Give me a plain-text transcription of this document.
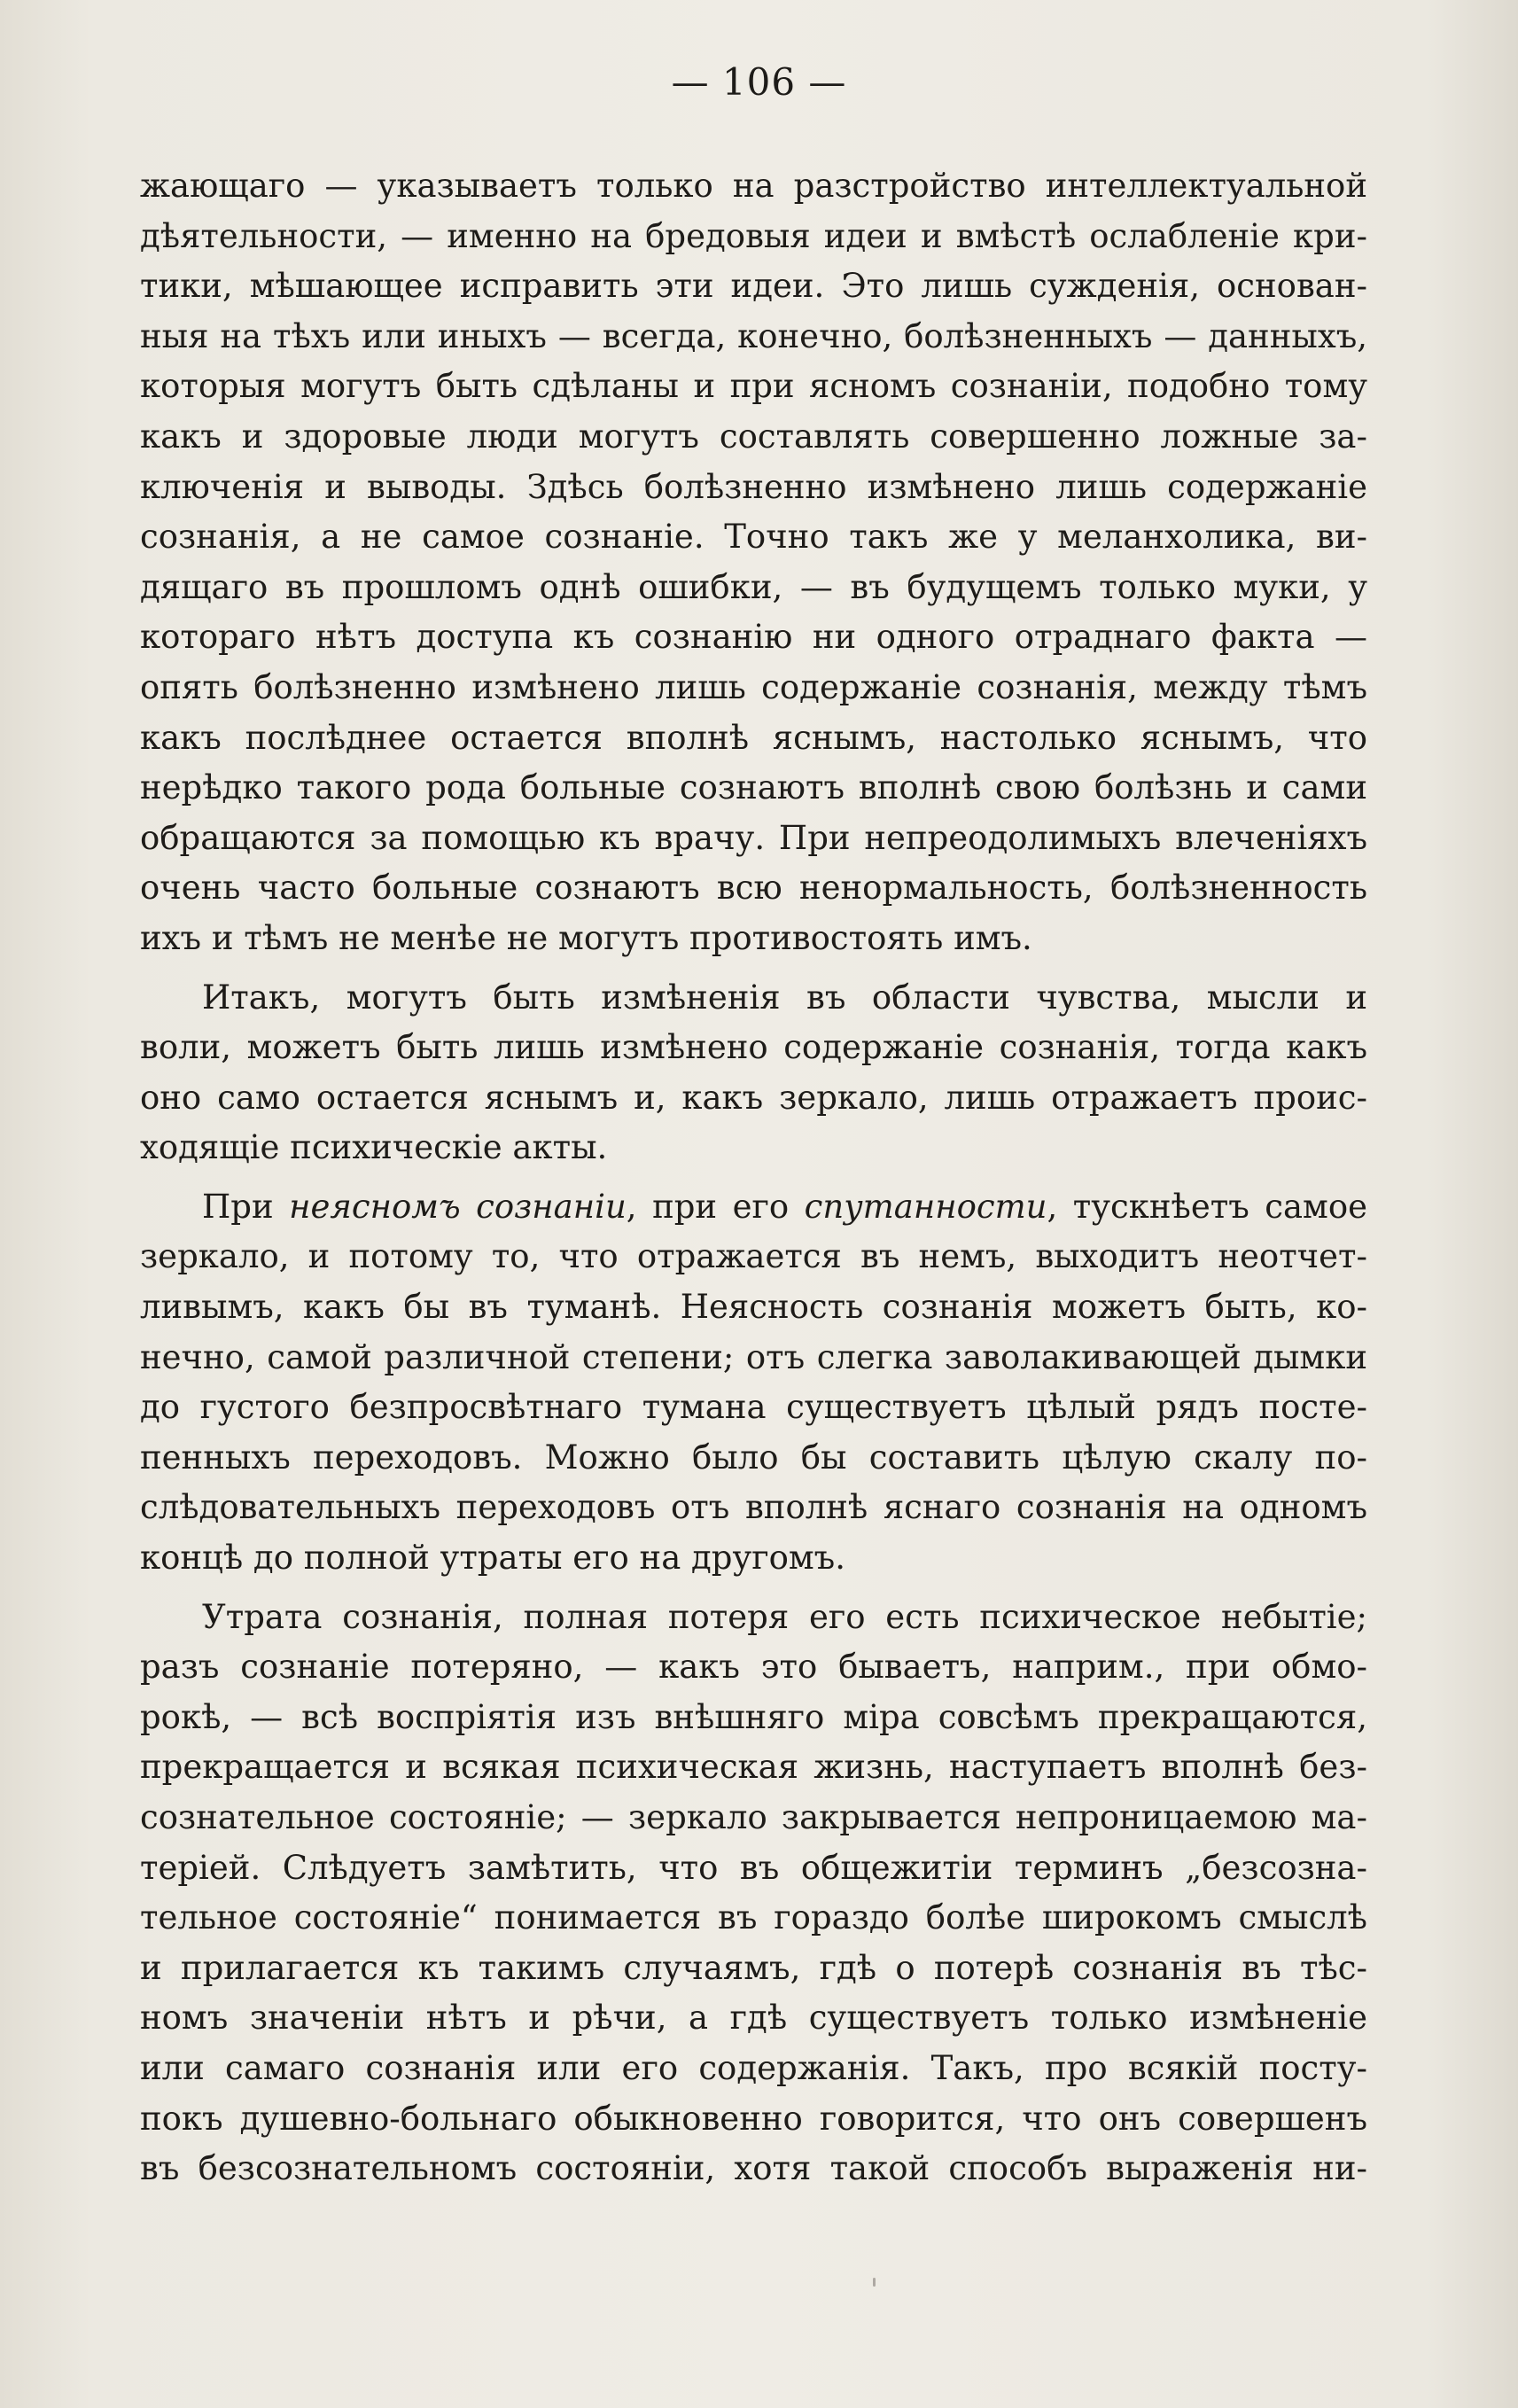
— 106 —
жающаго — указываетъ только на разстройство интеллектуальной
дѣятельности, — именно на бредовыя идеи и вмѣстѣ ослабленіе кри-
тики, мѣшающее исправить эти идеи. Это лишь сужденія, основан-
ныя на тѣхъ или иныхъ — всегда, конечно, болѣзненныхъ — данныхъ,
которыя могутъ быть сдѣланы и при ясномъ сознаніи, подобно тому
какъ и здоровые люди могутъ составлять совершенно ложные за-
ключенія и выводы. Здѣсь болѣзненно измѣнено лишь содержаніе
сознанія, а не самое сознаніе. Точно такъ же у меланхолика, ви-
дящаго въ прошломъ однѣ ошибки, — въ будущемъ только муки, у
котораго нѣтъ доступа къ сознанію ни одного отраднаго факта —
опять болѣзненно измѣнено лишь содержаніе сознанія, между тѣмъ
какъ послѣднее остается вполнѣ яснымъ, настолько яснымъ, что
нерѣдко такого рода больные сознаютъ вполнѣ свою болѣзнь и сами
обращаются за помощью къ врачу. При непреодолимыхъ влеченіяхъ
очень часто больные сознаютъ всю ненормальность, болѣзненность
ихъ и тѣмъ не менѣе не могутъ противостоять имъ.
Итакъ, могутъ быть измѣненія въ области чувства, мысли и
воли, можетъ быть лишь измѣнено содержаніе сознанія, тогда какъ
оно само остается яснымъ и, какъ зеркало, лишь отражаетъ проис-
ходящіе психическіе акты.
При неясномъ сознаніи, при его спутанности, тускнѣетъ самое
зеркало, и потому то, что отражается въ немъ, выходитъ неотчет-
ливымъ, какъ бы въ туманѣ. Неясность сознанія можетъ быть, ко-
нечно, самой различной степени; отъ слегка заволакивающей дымки
до густого безпросвѣтнаго тумана существуетъ цѣлый рядъ посте-
пенныхъ переходовъ. Можно было бы составить цѣлую скалу по-
слѣдовательныхъ переходовъ отъ вполнѣ яснаго сознанія на одномъ
концѣ до полной утраты его на другомъ.
Утрата сознанія, полная потеря его есть психическое небытіе;
разъ сознаніе потеряно, — какъ это бываетъ, наприм., при обмо-
рокѣ, — всѣ воспріятія изъ внѣшняго міра совсѣмъ прекращаются,
прекращается и всякая психическая жизнь, наступаетъ вполнѣ без-
сознательное состояніе; — зеркало закрывается непроницаемою ма-
теріей. Слѣдуетъ замѣтить, что въ общежитіи терминъ „безсозна-
тельное состояніе“ понимается въ гораздо болѣе широкомъ смыслѣ
и прилагается къ такимъ случаямъ, гдѣ о потерѣ сознанія въ тѣс-
номъ значеніи нѣтъ и рѣчи, а гдѣ существуетъ только измѣненіе
или самаго сознанія или его содержанія. Такъ, про всякій посту-
покъ душевно-больнаго обыкновенно говорится, что онъ совершенъ
въ безсознательномъ состояніи, хотя такой способъ выраженія ни-
